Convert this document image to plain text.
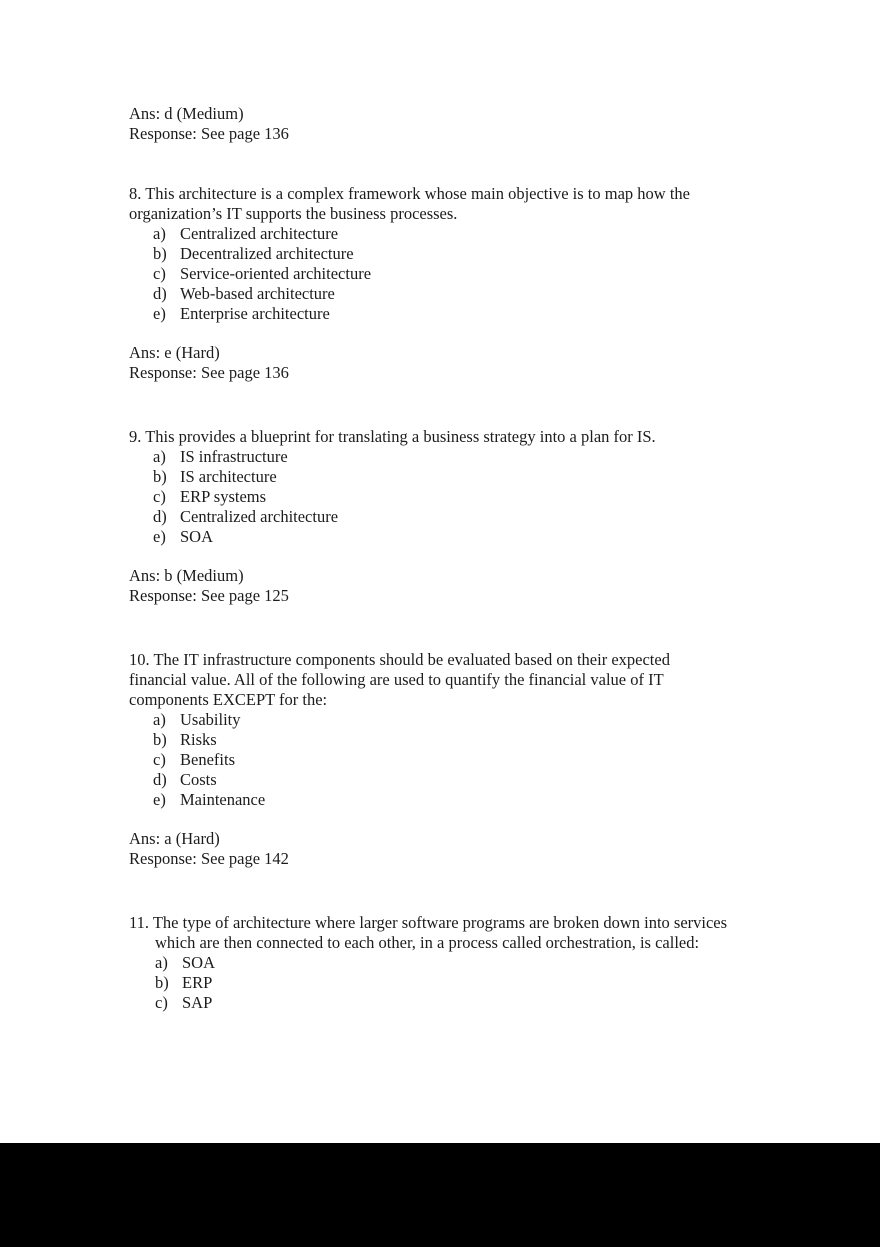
Ans: d (Medium)
Response: See page 136
8. This architecture is a complex framework whose main objective is to map how the organization’s IT supports the business processes.
a) Centralized architecture
b) Decentralized architecture
c) Service-oriented architecture
d) Web-based architecture
e) Enterprise architecture
Ans: e (Hard)
Response: See page 136
9. This provides a blueprint for translating a business strategy into a plan for IS.
a) IS infrastructure
b) IS architecture
c) ERP systems
d) Centralized architecture
e) SOA
Ans: b (Medium)
Response: See page 125
10. The IT infrastructure components should be evaluated based on their expected financial value. All of the following are used to quantify the financial value of IT components EXCEPT for the:
a) Usability
b) Risks
c) Benefits
d) Costs
e) Maintenance
Ans: a (Hard)
Response: See page 142
11. The type of architecture where larger software programs are broken down into services which are then connected to each other, in a process called orchestration, is called:
a) SOA
b) ERP
c) SAP
